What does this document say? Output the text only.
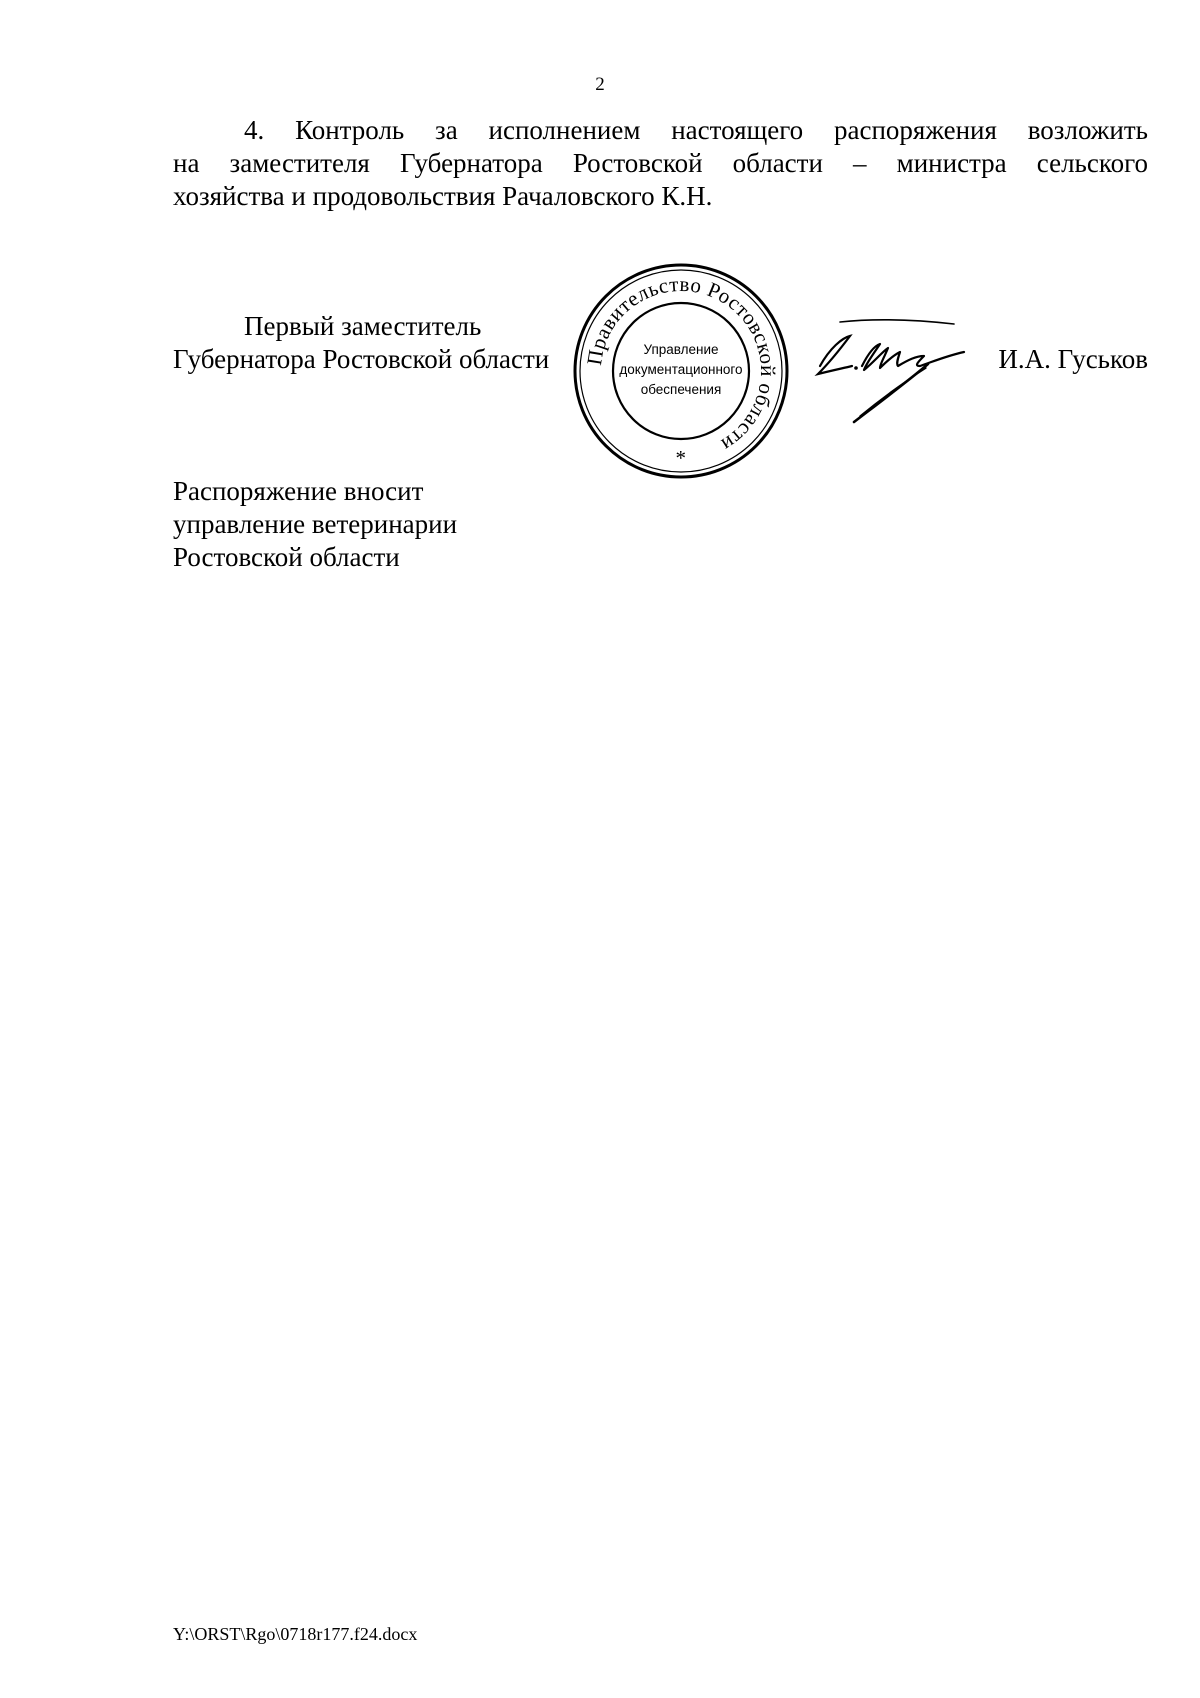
2
4. Контроль за исполнением настоящего распоряжения возложить
на заместителя Губернатора Ростовской области – министра сельского
хозяйства и продовольствия Рачаловского К.Н.
Первый заместитель
Губернатора Ростовской области Правительство Ростовской области
Управление
документационного
обеспечения
*
И.А. Гуськов
Распоряжение вносит
управление ветеринарии
Ростовской области
Y:\ORST\Rgo\0718r177.f24.docx
